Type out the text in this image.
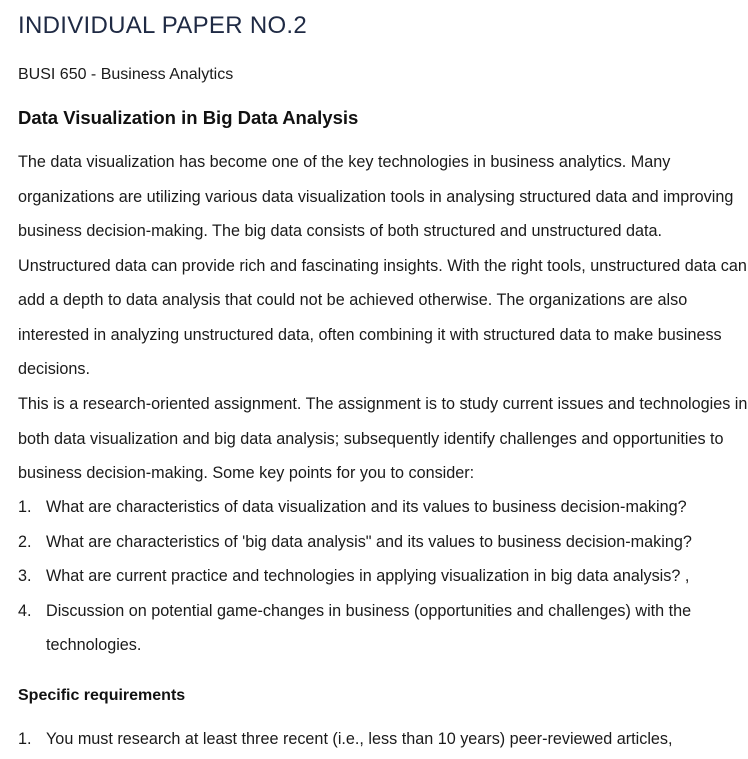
INDIVIDUAL PAPER NO.2
BUSI 650 - Business Analytics
Data Visualization in Big Data Analysis

The data visualization has become one of the key technologies in business analytics. Many organizations are utilizing various data visualization tools in analysing structured data and improving business decision-making. The big data consists of both structured and unstructured data. Unstructured data can provide rich and fascinating insights. With the right tools, unstructured data can add a depth to data analysis that could not be achieved otherwise. The organizations are also interested in analyzing unstructured data, often combining it with structured data to make business decisions.

This is a research-oriented assignment. The assignment is to study current issues and technologies in both data visualization and big data analysis; subsequently identify challenges and opportunities to business decision-making. Some key points for you to consider:

1. What are characteristics of data visualization and its values to business decision-making?
2. What are characteristics of 'big data analysis" and its values to business decision-making?
3. What are current practice and technologies in applying visualization in big data analysis? ,
4. Discussion on potential game-changes in business (opportunities and challenges) with the technologies.
Specific requirements
1. You must research at least three recent (i.e., less than 10 years) peer-reviewed articles,
